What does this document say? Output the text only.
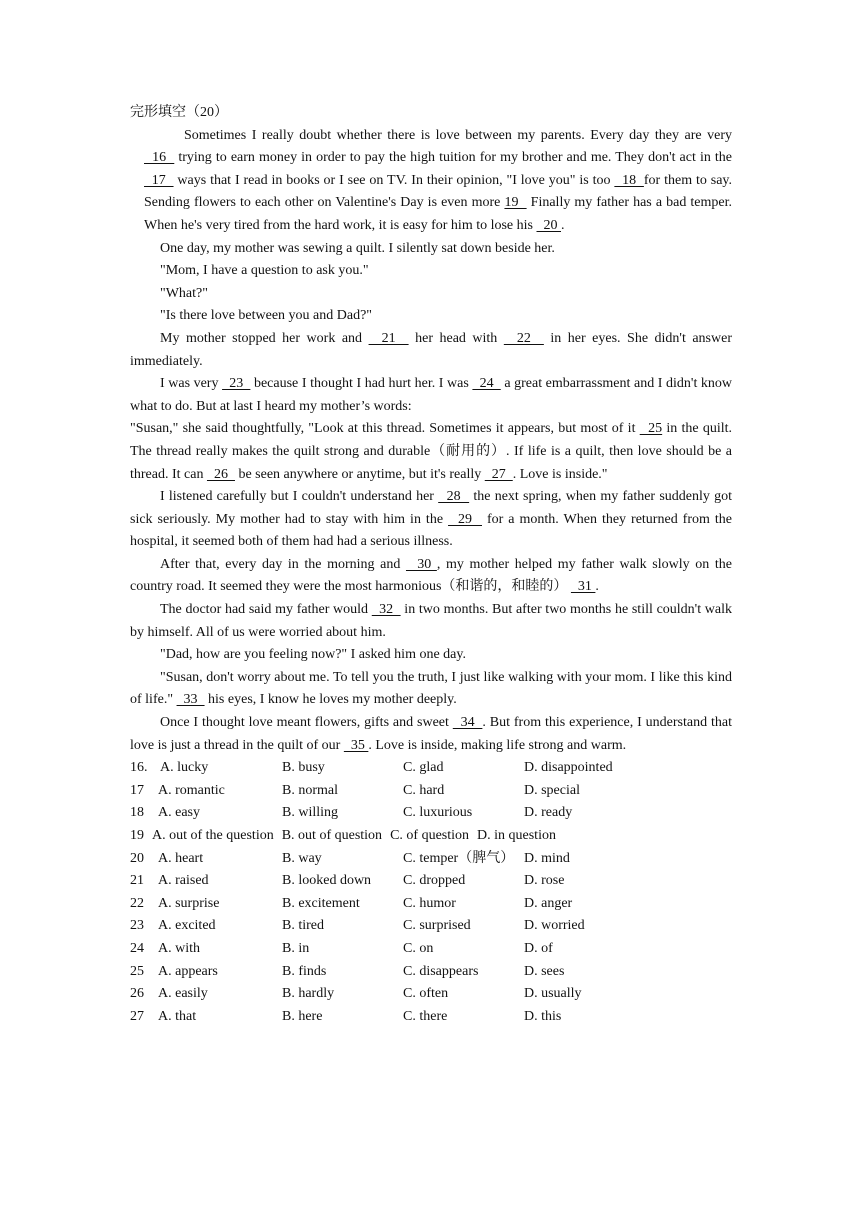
完形填空（20）

Sometimes I really doubt whether there is love between my parents. Every day they are very   16   trying to earn money in order to pay the high tuition for my brother and me. They don't act in the   17   ways that I read in books or I see on TV. In their opinion, "I love you" is too   18  for them to say. Sending flowers to each other on Valentine's Day is even more 19   Finally my father has a bad temper. When he's very tired from the hard work, it is easy for him to lose his   20 .

One day, my mother was sewing a quilt. I silently sat down beside her.

"Mom, I have a question to ask you."

"What?"

"Is there love between you and Dad?"

My mother stopped her work and   21   her head with   22   in her eyes. She didn't answer immediately.

I was very   23   because I thought I had hurt her. I was   24   a great embarrassment and I didn't know what to do. But at last I heard my mother’s words:

"Susan," she said thoughtfully, "Look at this thread. Sometimes it appears, but most of it   25 in the quilt. The thread really makes the quilt strong and durable（耐用的）. If life is a quilt, then love should be a thread. It can   26   be seen anywhere or anytime, but it's really   27  . Love is inside."

I listened carefully but I couldn't understand her   28   the next spring, when my father suddenly got sick seriously. My mother had to stay with him in the   29   for a month. When they returned from the hospital, it seemed both of them had had a serious illness.

After that, every day in the morning and   30 , my mother helped my father walk slowly on the country road. It seemed they were the most harmonious（和谐的，和睦的）   31 .

The doctor had said my father would   32   in two months. But after two months he still couldn't walk by himself. All of us were worried about him.

"Dad, how are you feeling now?" I asked him one day.

"Susan, don't worry about me. To tell you the truth, I just like walking with your mom. I like this kind of life."   33   his eyes, I know he loves my mother deeply.

Once I thought love meant flowers, gifts and sweet   34  . But from this experience, I understand that love is just a thread in the quilt of our   35 . Love is inside, making life strong and warm.

16. A. lucky	B. busy	C. glad	D. disappointed
17	A. romantic	B. normal	C. hard	D. special
18	A. easy	B. willing	C. luxurious	D. ready
19 A. out of the question B. out of question C. of question D. in question
20	A. heart	B. way	C. temper（脾气） D. mind
21	A. raised	B. looked down	C. dropped	D. rose
22	A. surprise	B. excitement	C. humor	D. anger
23	A. excited	B. tired	C. surprised	D. worried
24	A. with	B. in	C. on	D. of
25	A. appears	B. finds	C. disappears	D. sees
26	A. easily	B. hardly	C. often	D. usually
27	A. that	B. here	C. there	D. this
